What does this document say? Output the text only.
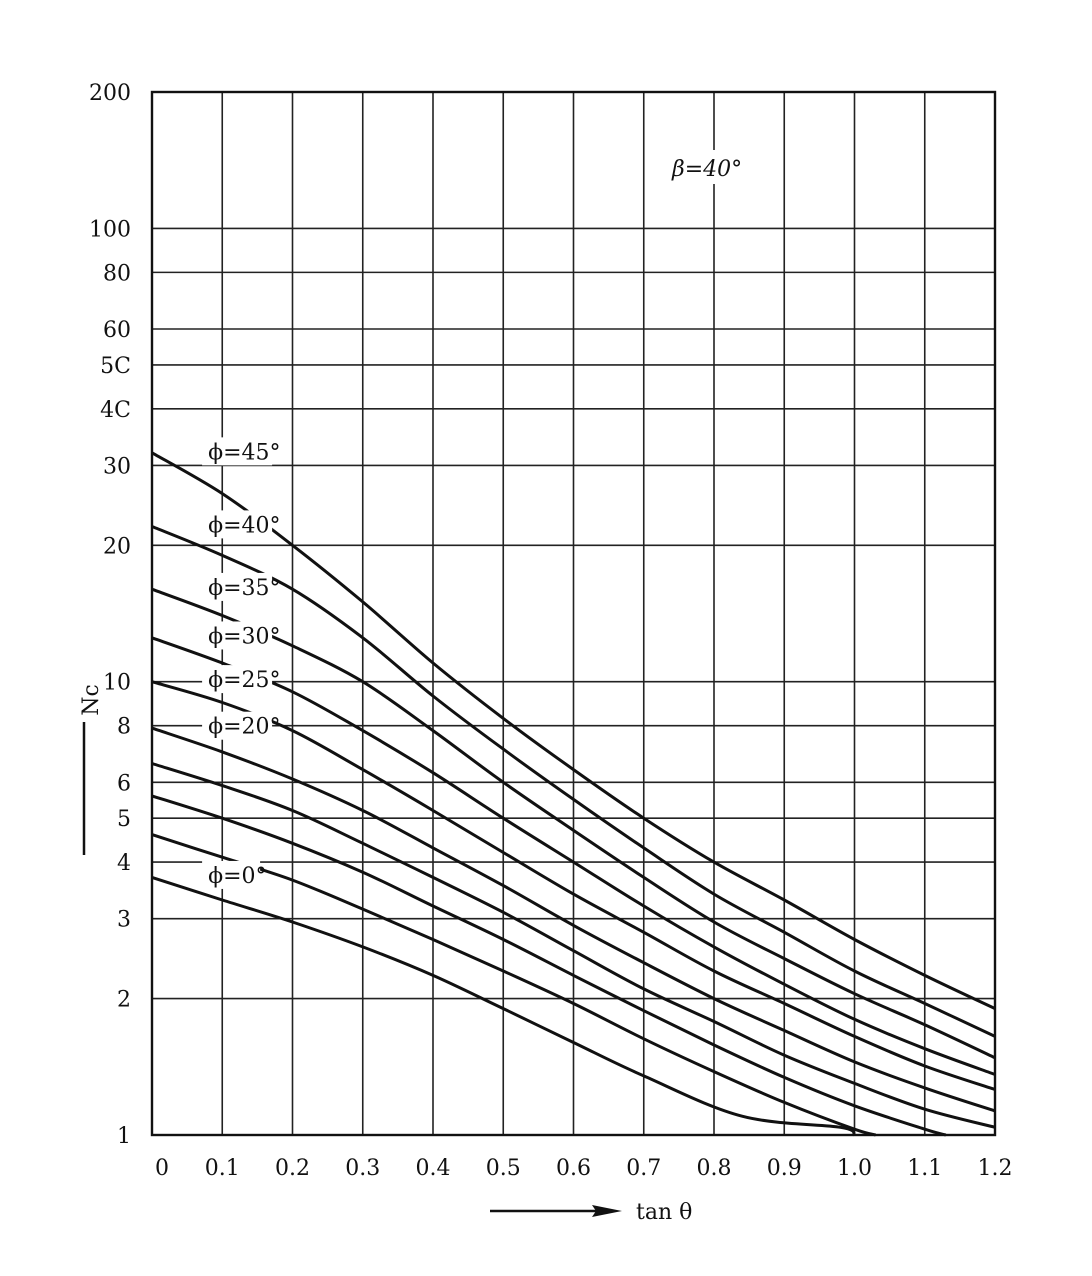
0 0.1 0.2 0.3 0.4 0.5 0.6 0.7 0.8 0.9 1.0 1.1 1.2
1
2
3
4
5
6
8
10
20
30
4C
5C
60
80
100
200
β=40°
Nc
tan θ
ϕ=45°
ϕ=40°
ϕ=35°
ϕ=30°
ϕ=25°
ϕ=20°
ϕ=0°
